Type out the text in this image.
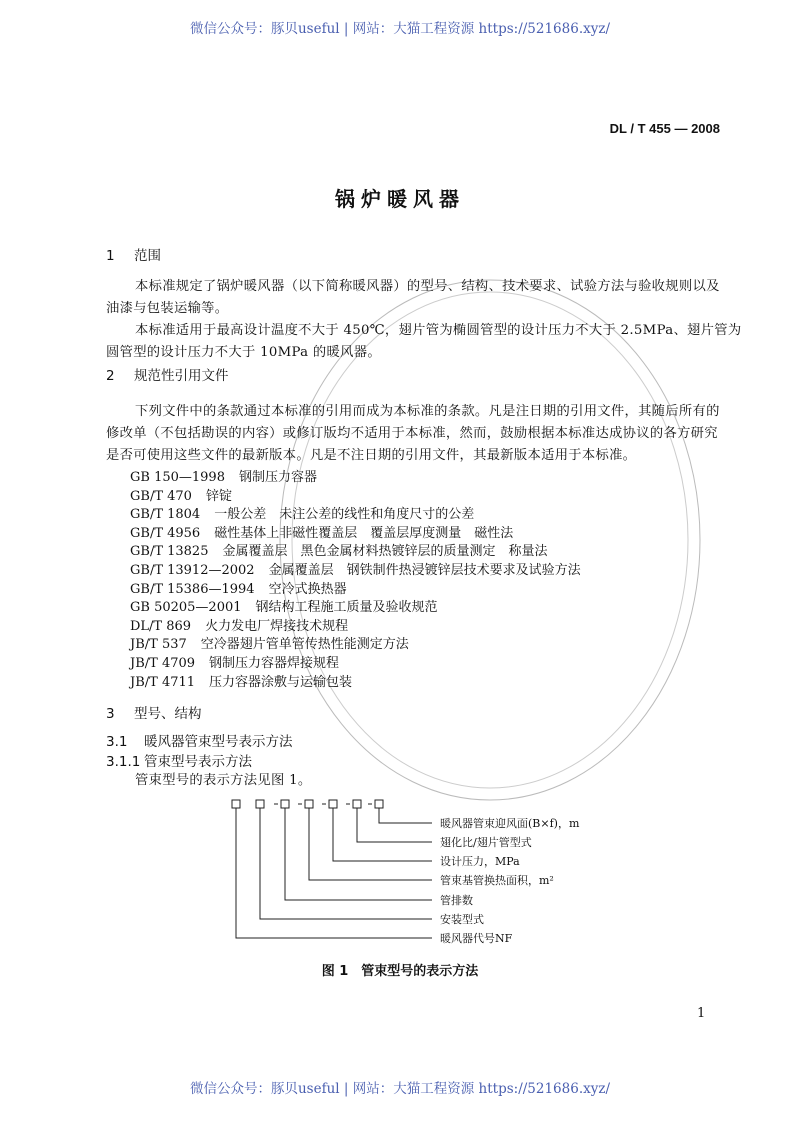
微信公众号：豚贝useful | 网站：大猫工程资源 https://521686.xyz/
DL / T 455 — 2008
锅炉暖风器
1 范围
本标准规定了锅炉暖风器（以下简称暖风器）的型号、结构、技术要求、试验方法与验收规则以及
油漆与包装运输等。
本标准适用于最高设计温度不大于 450℃，翅片管为椭圆管型的设计压力不大于 2.5MPa、翅片管为
圆管型的设计压力不大于 10MPa 的暖风器。
2 规范性引用文件
下列文件中的条款通过本标准的引用而成为本标准的条款。凡是注日期的引用文件，其随后所有的
修改单（不包括勘误的内容）或修订版均不适用于本标准，然而，鼓励根据本标准达成协议的各方研究
是否可使用这些文件的最新版本。凡是不注日期的引用文件，其最新版本适用于本标准。
GB 150—1998 钢制压力容器
GB/T 470 锌锭
GB/T 1804 一般公差　未注公差的线性和角度尺寸的公差
GB/T 4956 磁性基体上非磁性覆盖层　覆盖层厚度测量　磁性法
GB/T 13825 金属覆盖层　黑色金属材料热镀锌层的质量测定　称量法
GB/T 13912—2002 金属覆盖层　钢铁制件热浸镀锌层技术要求及试验方法
GB/T 15386—1994 空冷式换热器
GB 50205—2001 钢结构工程施工质量及验收规范
DL/T 869 火力发电厂焊接技术规程
JB/T 537 空冷器翅片管单管传热性能测定方法
JB/T 4709 钢制压力容器焊接规程
JB/T 4711 压力容器涂敷与运输包装
3 型号、结构
3.1 暖风器管束型号表示方法
3.1.1 管束型号表示方法
管束型号的表示方法见图 1。
暖风器管束迎风面(B×f)，m
翅化比/翅片管型式
设计压力，MPa
管束基管换热面积，m²
管排数
安装型式
暖风器代号NF
图 1　管束型号的表示方法
1
微信公众号：豚贝useful | 网站：大猫工程资源 https://521686.xyz/
